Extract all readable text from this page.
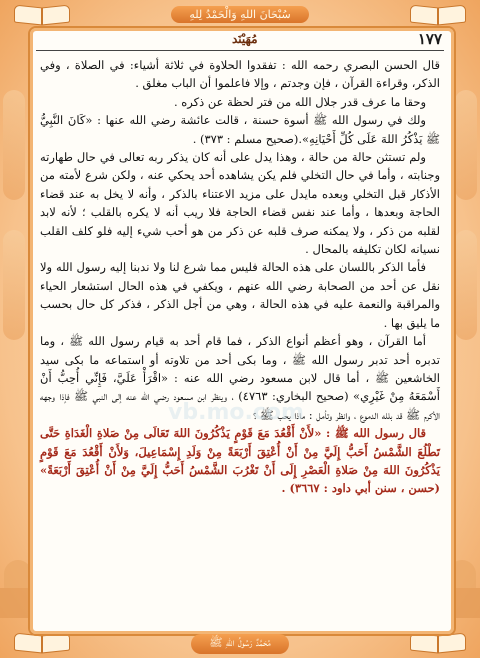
سُبْحَانَ اللهِ وَالْحَمْدُ لِلهِ
١٧٧
مُهَيْنَد

قال الحسن البصري رحمه الله : تفقدوا الحلاوة في ثلاثة أشياء: في الصلاة ، وفي الذكر، وقراءة القرآن ، فإن وجدتم ، وإلا فاعلموا أن الباب مغلق .

وحقا ما عرف قدر جلال الله من فتر لحظة عن ذكره .

ولك في رسول الله ﷺ أسوة حسنة ، قالت عائشة رضي الله عنها : «كَانَ النَّبِيُّ ﷺ يَذْكُرُ اللهَ عَلَى كُلِّ أَحْيَانِهِ».(صحيح مسلم : ٣٧٣) .

ولم تستثن حالة من حالة ، وهذا يدل على أنه كان يذكر ربه تعالى في حال طهارته وجنابته ، وأما في حال التخلي فلم يكن يشاهده أحد يحكي عنه ، ولكن شرع لأمته من الأذكار قبل التخلي وبعده مايدل على مزيد الاعتناء بالذكر ، وأنه لا يخل به عند قضاء الحاجة وبعدها ، وأما عند نفس قضاء الحاجة فلا ريب أنه لا يكره بالقلب ؛ لأنه لابد لقلبه من ذكر ، ولا يمكنه صرف قلبه عن ذكر من هو أحب شيء إليه فلو كلف القلب نسيانه لكان تكليفه بالمحال .

فأما الذكر باللسان على هذه الحالة فليس مما شرع لنا ولا ندبنا إليه رسول الله ولا نقل عن أحد من الصحابة رضي الله عنهم ، ويكفي في هذه الحال استشعار الحياء والمراقبة والنعمة عليه في هذه الحالة ، وهي من أجل الذكر ، فذكر كل حال بحسب ما يليق بها .

أما القرآن ، وهو أعظم أنواع الذكر ، فما قام أحد به قيام رسول الله ﷺ ، وما تدبره أحد تدبر رسول الله ﷺ ، وما بكى أحد من تلاوته أو استماعه ما بكى سيد الخاشعين ﷺ ، أما قال لابن مسعود رضي الله عنه : «اقْرَأْ عَلَيَّ، فَإِنِّي أُحِبُّ أَنْ أَسْمَعَهُ مِنْ غَيْرِي» (صحيح البخاري: ٤٧٦٣) ، وينظر ابن مسعود رضي الله عنه إلى النبي ﷺ فإذا وجهه الأكرم ﷺ قد بلله الدموع ، وانظر وتأمل : ماذا يحب ﷺ ؟

قال رسول الله ﷺ : «لأَنْ أَقْعُدَ مَعَ قَوْمٍ يَذْكُرُونَ اللهَ تَعَالَى مِنْ صَلاةِ الْغَدَاةِ حَتَّى تَطْلُعَ الشَّمْسُ أَحَبُّ إِلَيَّ مِنْ أَنْ أُعْتِقَ أَرْبَعَةً مِنْ وَلَدِ إِسْمَاعِيلَ، وَلأَنْ أَقْعُدَ مَعَ قَوْمٍ يَذْكُرُونَ اللهَ مِنْ صَلاةِ الْعَصْرِ إِلَى أَنْ تَغْرُبَ الشَّمْسُ أَحَبُّ إِلَيَّ مِنْ أَنْ أُعْتِقَ أَرْبَعَةً» (حسن ، سنن أبي داود : ٣٦٦٧) .

vb.mo.com
مُحَمَّدٌ رَسُولُ اللهِ ﷺ
